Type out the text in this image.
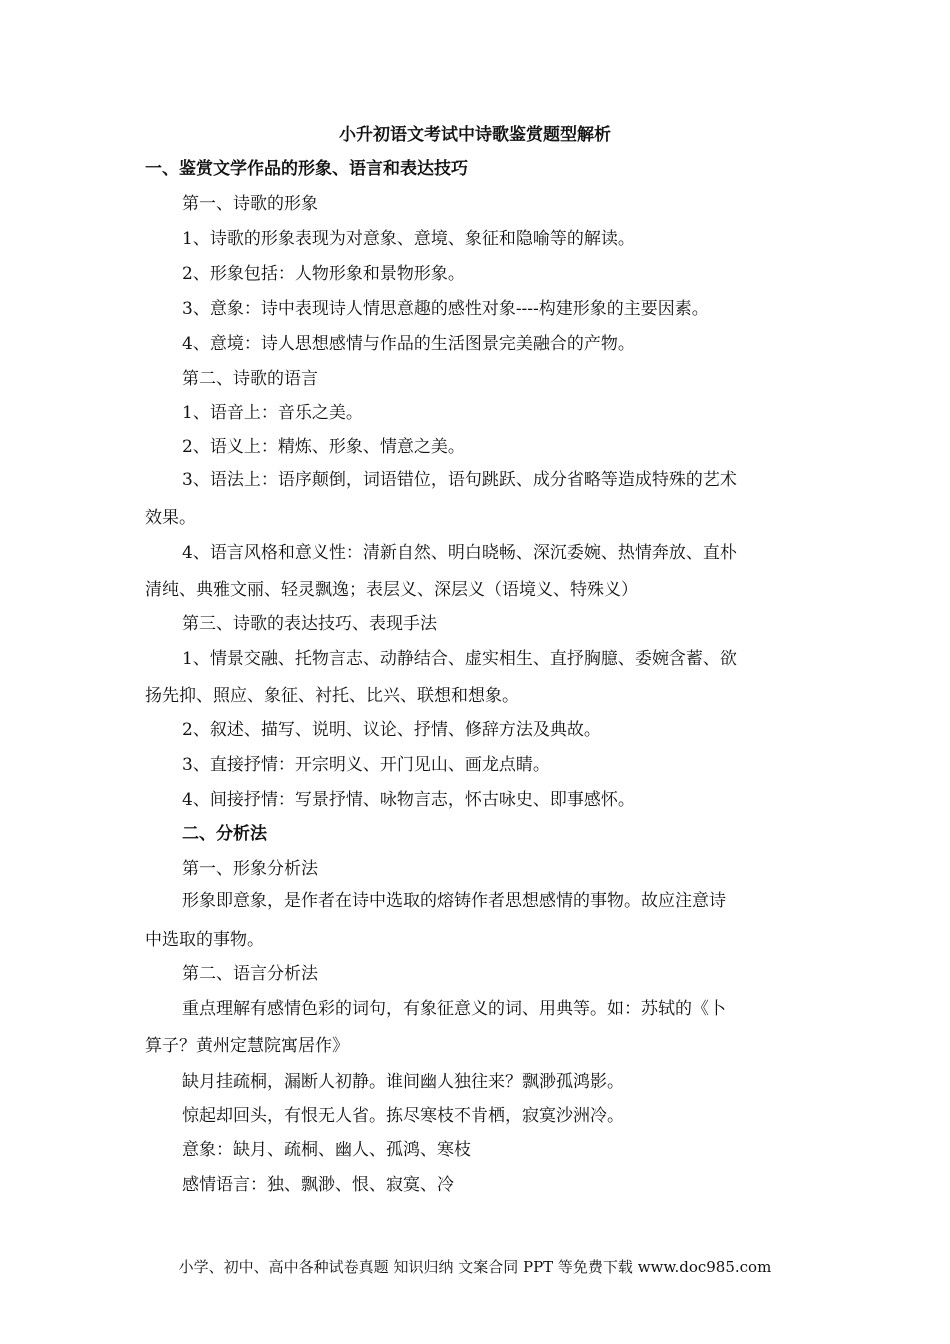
小升初语文考试中诗歌鉴赏题型解析
一、鉴赏文学作品的形象、语言和表达技巧
第一、诗歌的形象
1、诗歌的形象表现为对意象、意境、象征和隐喻等的解读。
2、形象包括：人物形象和景物形象。
3、意象：诗中表现诗人情思意趣的感性对象----构建形象的主要因素。
4、意境：诗人思想感情与作品的生活图景完美融合的产物。
第二、诗歌的语言
1、语音上：音乐之美。
2、语义上：精炼、形象、情意之美。
3、语法上：语序颠倒，词语错位，语句跳跃、成分省略等造成特殊的艺术
效果。
4、语言风格和意义性：清新自然、明白晓畅、深沉委婉、热情奔放、直朴
清纯、典雅文丽、轻灵飘逸；表层义、深层义（语境义、特殊义）
第三、诗歌的表达技巧、表现手法
1、情景交融、托物言志、动静结合、虚实相生、直抒胸臆、委婉含蓄、欲
扬先抑、照应、象征、衬托、比兴、联想和想象。
2、叙述、描写、说明、议论、抒情、修辞方法及典故。
3、直接抒情：开宗明义、开门见山、画龙点睛。
4、间接抒情：写景抒情、咏物言志，怀古咏史、即事感怀。
二、分析法
第一、形象分析法
形象即意象，是作者在诗中选取的熔铸作者思想感情的事物。故应注意诗
中选取的事物。
第二、语言分析法
重点理解有感情色彩的词句，有象征意义的词、用典等。如：苏轼的《卜
算子？黄州定慧院寓居作》
缺月挂疏桐，漏断人初静。谁间幽人独往来？飘渺孤鸿影。
惊起却回头，有恨无人省。拣尽寒枝不肯栖，寂寞沙洲冷。
意象：缺月、疏桐、幽人、孤鸿、寒枝
感情语言：独、飘渺、恨、寂寞、冷
小学、初中、高中各种试卷真题 知识归纳 文案合同 PPT 等免费下载 www.doc985.com
